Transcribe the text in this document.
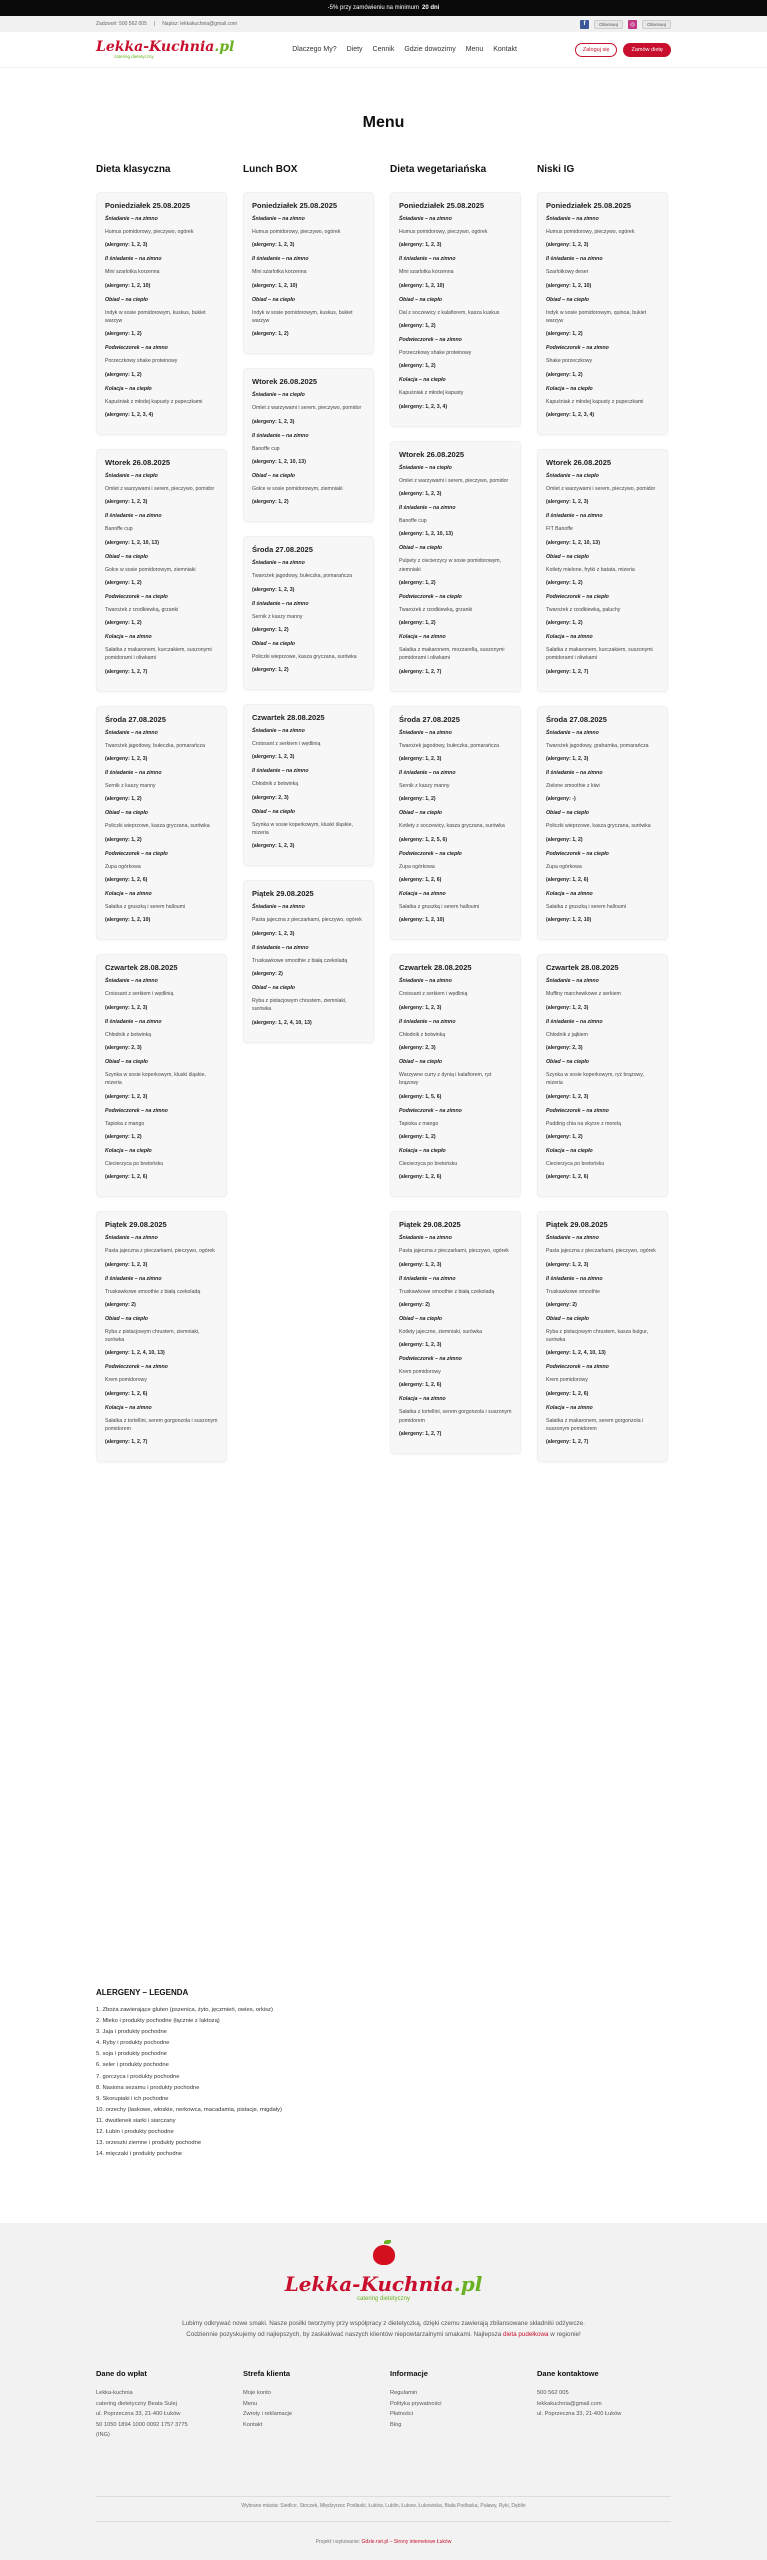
-5% przy zamówieniu na minimum 20 dni
Zadzwoń: 500 562 005 | Napisz: lekkakuchnia@gmail.com	f	Obserwuj	◎	Obserwuj
Lekka-Kuchnia.pl
catering dietetyczny
Dlaczego My? Diety Cennik Gdzie dowozimy Menu Kontakt	Zaloguj się	Zamów dietę
Menu
Dieta klasyczna
Poniedziałek 25.08.2025
Śniadanie – na zimno
Humus pomidorowy, pieczywo, ogórek
(alergeny: 1, 2, 3)
II śniadanie – na zimno
Mini szarlotka korzenna
(alergeny: 1, 2, 10)
Obiad – na ciepło
Indyk w sosie pomidorowym, kuskus, bukiet warzyw
(alergeny: 1, 2)
Podwieczorek – na zimno
Porzeczkowy shake proteinowy
(alergeny: 1, 2)
Kolacja – na ciepło
Kapuśniak z młodej kapusty z pupeczkami
(alergeny: 1, 2, 3, 4)
Wtorek 26.08.2025
Śniadanie – na ciepło
Omlet z warzywami i serem, pieczywo, pomidor
(alergeny: 1, 2, 3)
II śniadanie – na zimno
Banoffe cup
(alergeny: 1, 2, 10, 13)
Obiad – na ciepło
Gołce w sosie pomidorowym, ziemniaki
(alergeny: 1, 2)
Podwieczorek – na ciepło
Twarożek z rzodkiewką, grzanki
(alergeny: 1, 2)
Kolacja – na zimno
Sałatka z makaronem, kurczakiem, suszonymi pomidorami i oliwkami
(alergeny: 1, 2, 7)
Środa 27.08.2025
Śniadanie – na zimno
Twarożek jagodowy, bułeczka, pomarańcza
(alergeny: 1, 2, 3)
II śniadanie – na zimno
Sernik z kaszy manny
(alergeny: 1, 2)
Obiad – na ciepło
Policzki wieprzowe, kasza gryczana, surówka
(alergeny: 1, 2)
Podwieczorek – na ciepło
Zupa ogórkowa
(alergeny: 1, 2, 6)
Kolacja – na zimno
Sałatka z gruszką i serem halloumi
(alergeny: 1, 2, 10)
Czwartek 28.08.2025
Śniadanie – na zimno
Croissant z serkiem i wędlinią
(alergeny: 1, 2, 3)
II śniadanie – na zimno
Chłodnik z botwinką
(alergeny: 2, 3)
Obiad – na ciepło
Szynka w sosie koperkowym, kluski śląskie, mizeria
(alergeny: 1, 2, 3)
Podwieczorek – na zimno
Tapioka z mango
(alergeny: 1, 2)
Kolacja – na ciepło
Ciecierzyca po bretońsku
(alergeny: 1, 2, 6)
Piątek 29.08.2025
Śniadanie – na zimno
Pasta jajeczna z pieczarkami, pieczywo, ogórek
(alergeny: 1, 2, 3)
II śniadanie – na zimno
Truskawkowe smoothie z białą czekoladą
(alergeny: 2)
Obiad – na ciepło
Ryba z pistacjowym chrustem, ziemniaki, surówka
(alergeny: 1, 2, 4, 10, 13)
Podwieczorek – na zimno
Krem pomidorowy
(alergeny: 1, 2, 6)
Kolacja – na zimno
Sałatka z tortellini, serem gorgonzola i suszonym pomidorem
(alergeny: 1, 2, 7)
Lunch BOX
Poniedziałek 25.08.2025
Śniadanie – na zimno
Humus pomidorowy, pieczywo, ogórek
(alergeny: 1, 2, 3)
II śniadanie – na zimno
Mini szarlotka korzenna
(alergeny: 1, 2, 10)
Obiad – na ciepło
Indyk w sosie pomidorowym, kuskus, bukiet warzyw
(alergeny: 1, 2)
Wtorek 26.08.2025
Śniadanie – na ciepło
Omlet z warzywami i serem, pieczywo, pomidor
(alergeny: 1, 2, 3)
II śniadanie – na zimno
Banoffe cup
(alergeny: 1, 2, 10, 13)
Obiad – na ciepło
Gołce w sosie pomidorowym, ziemniaki
(alergeny: 1, 2)
Środa 27.08.2025
Śniadanie – na zimno
Twarożek jagodowy, bułeczka, pomarańcza
(alergeny: 1, 2, 3)
II śniadanie – na zimno
Sernik z kaszy manny
(alergeny: 1, 2)
Obiad – na ciepło
Policzki wieprzowe, kasza gryczana, surówka
(alergeny: 1, 2)
Czwartek 28.08.2025
Śniadanie – na zimno
Croissant z serkiem i wędlinią
(alergeny: 1, 2, 3)
II śniadanie – na zimno
Chłodnik z botwinką
(alergeny: 2, 3)
Obiad – na ciepło
Szynka w sosie koperkowym, kluski śląskie, mizeria
(alergeny: 1, 2, 3)
Piątek 29.08.2025
Śniadanie – na zimno
Pasta jajeczna z pieczarkami, pieczywo, ogórek
(alergeny: 1, 2, 3)
II śniadanie – na zimno
Truskawkowe smoothie z białą czekoladą
(alergeny: 2)
Obiad – na ciepło
Ryba z pistacjowym chrustem, ziemniaki, surówka
(alergeny: 1, 2, 4, 10, 13)
Dieta wegetariańska
Poniedziałek 25.08.2025
Śniadanie – na zimno
Humus pomidorowy, pieczywo, ogórek
(alergeny: 1, 2, 3)
II śniadanie – na zimno
Mini szarlotka korzenna
(alergeny: 1, 2, 10)
Obiad – na ciepło
Dal z soczewicy z kalafiorem, kasza kuskus
(alergeny: 1, 2)
Podwieczorek – na zimno
Porzeczkowy shake proteinowy
(alergeny: 1, 2)
Kolacja – na ciepło
Kapuśniak z młodej kapusty
(alergeny: 1, 2, 3, 4)
Wtorek 26.08.2025
Śniadanie – na ciepło
Omlet z warzywami i serem, pieczywo, pomidor
(alergeny: 1, 2, 3)
II śniadanie – na zimno
Banoffe cup
(alergeny: 1, 2, 10, 13)
Obiad – na ciepło
Pulpety z ciecierzycy w sosie pomidorowym, ziemniaki
(alergeny: 1, 2)
Podwieczorek – na ciepło
Twarożek z rzodkiewką, grzanki
(alergeny: 1, 2)
Kolacja – na zimno
Sałatka z makaronem, mozzarellą, suszonymi pomidorami i oliwkami
(alergeny: 1, 2, 7)
Środa 27.08.2025
Śniadanie – na zimno
Twarożek jagodowy, bułeczka, pomarańcza
(alergeny: 1, 2, 3)
II śniadanie – na zimno
Sernik z kaszy manny
(alergeny: 1, 2)
Obiad – na ciepło
Kotlety z soczewicy, kasza gryczana, surówka
(alergeny: 1, 2, 5, 6)
Podwieczorek – na ciepło
Zupa ogórkowa
(alergeny: 1, 2, 6)
Kolacja – na zimno
Sałatka z gruszką i serem halloumi
(alergeny: 1, 2, 10)
Czwartek 28.08.2025
Śniadanie – na zimno
Croissant z serkiem i wędlinią
(alergeny: 1, 2, 3)
II śniadanie – na zimno
Chłodnik z botwinką
(alergeny: 2, 3)
Obiad – na ciepło
Warzywne curry z dynią i kalafiorem, ryż brązowy
(alergeny: 1, 5, 6)
Podwieczorek – na zimno
Tapioka z mango
(alergeny: 1, 2)
Kolacja – na ciepło
Ciecierzyca po bretońsku
(alergeny: 1, 2, 6)
Piątek 29.08.2025
Śniadanie – na zimno
Pasta jajeczna z pieczarkami, pieczywo, ogórek
(alergeny: 1, 2, 3)
II śniadanie – na zimno
Truskawkowe smoothie z białą czekoladą
(alergeny: 2)
Obiad – na ciepło
Kotlety jajeczne, ziemniaki, surówka
(alergeny: 1, 2, 3)
Podwieczorek – na zimno
Krem pomidorowy
(alergeny: 1, 2, 6)
Kolacja – na zimno
Sałatka z tortellini, serem gorgonzola i suszonym pomidorem
(alergeny: 1, 2, 7)
Niski IG
Poniedziałek 25.08.2025
Śniadanie – na zimno
Humus pomidorowy, pieczywo, ogórek
(alergeny: 1, 2, 3)
II śniadanie – na zimno
Szarlotkowy deser
(alergeny: 1, 2, 10)
Obiad – na ciepło
Indyk w sosie pomidorowym, quinoa, bukiet warzyw
(alergeny: 1, 2)
Podwieczorek – na zimno
Shake porzeczkowy
(alergeny: 1, 2)
Kolacja – na ciepło
Kapuśniak z młodej kapusty z pupeczkami
(alergeny: 1, 2, 3, 4)
Wtorek 26.08.2025
Śniadanie – na ciepło
Omlet z warzywami i serem, pieczywo, pomidor
(alergeny: 1, 2, 3)
II śniadanie – na zimno
FIT Banoffe
(alergeny: 1, 2, 10, 13)
Obiad – na ciepło
Kotlety mielone, frytki z batata, mizeria
(alergeny: 1, 2)
Podwieczorek – na ciepło
Twarożek z rzodkiewką, paluchy
(alergeny: 1, 2)
Kolacja – na zimno
Sałatka z makaronem, kurczakiem, suszonymi pomidorami i oliwkami
(alergeny: 1, 2, 7)
Środa 27.08.2025
Śniadanie – na zimno
Twarożek jagodowy, grahamka, pomarańcza
(alergeny: 1, 2, 3)
II śniadanie – na zimno
Zielone smoothie z kiwi
(alergeny: -)
Obiad – na ciepło
Policzki wieprzowe, kasza gryczana, surówka
(alergeny: 1, 2)
Podwieczorek – na ciepło
Zupa ogórkowa
(alergeny: 1, 2, 6)
Kolacja – na zimno
Sałatka z gruszką i serem halloumi
(alergeny: 1, 2, 10)
Czwartek 28.08.2025
Śniadanie – na zimno
Muffiny marchewkowe z serkiem
(alergeny: 1, 2, 3)
II śniadanie – na zimno
Chłodnik z jajkiem
(alergeny: 2, 3)
Obiad – na ciepło
Szynka w sosie koperkowym, ryż brązowy, mizeria
(alergeny: 1, 2, 3)
Podwieczorek – na zimno
Pudding chia na skyrze z morelą
(alergeny: 1, 2)
Kolacja – na ciepło
Ciecierzyca po bretońsku
(alergeny: 1, 2, 6)
Piątek 29.08.2025
Śniadanie – na zimno
Pasta jajeczna z pieczarkami, pieczywo, ogórek
(alergeny: 1, 2, 3)
II śniadanie – na zimno
Truskawkowe smoothie
(alergeny: 2)
Obiad – na ciepło
Ryba z pistacjowym chrustem, kasza bulgur, surówka
(alergeny: 1, 2, 4, 10, 13)
Podwieczorek – na zimno
Krem pomidorowy
(alergeny: 1, 2, 6)
Kolacja – na zimno
Sałatka z makaronem, serem gorgonzola i suszonym pomidorem
(alergeny: 1, 2, 7)
ALERGENY – LEGENDA
1. Zboża zawierające gluten (pszenica, żyto, jęczmień, owies, orkisz)
2. Mleko i produkty pochodne (łącznie z laktozą)
3. Jaja i produkty pochodne
4. Ryby i produkty pochodne
5. soja i produkty pochodne
6. seler i produkty pochodne
7. gorczyca i produkty pochodne
8. Nasiona sezamu i produkty pochodne
9. Skorupiaki i ich pochodne
10. orzechy (laskowe, włoskie, nerkowca, macadamia, pistacje, migdały)
11. dwutlenek siarki i siarczany
12. Łubin i produkty pochodne
13. orzeszki ziemne i produkty pochodne
14. mięczaki i produkty pochodne
Lekka-Kuchnia.pl
catering dietetyczny
Lubimy odkrywać nowe smaki. Nasze posiłki tworzymy przy współpracy z dietetyczką, dzięki czemu zawierają zbilansowane składniki odżywcze. Codziennie pozyskujemy od najlepszych, by zaskakiwać naszych klientów niepowtarzalnymi smakami. Najlepsza dieta pudełkowa w regionie!
Dane do wpłat
Lekka-kuchnia
catering dietetyczny Beata Sulej
ul. Poprzeczna 33, 21-400 Łuków
50 1050 1894 1000 0092 1757 3775
(ING)
Strefa klienta
Moje konto
Menu
Zwroty i reklamacje
Kontakt
Informacje
Regulamin
Polityka prywatności
Płatności
Blog
Dane kontaktowe
500 562 005
lekkakuchnia@gmail.com
ul. Poprzeczna 33, 21-400 Łuków
Wybrane miasta: Siedlce, Stoczek, Międzyrzec Podlaski, Łuków, Lublin, Łukow, Łukowiska, Biała Podlaska, Puławy, Ryki, Dęblin
Projekt i wykonanie: Gdzie.net.pl – Strony internetowe Łuków
